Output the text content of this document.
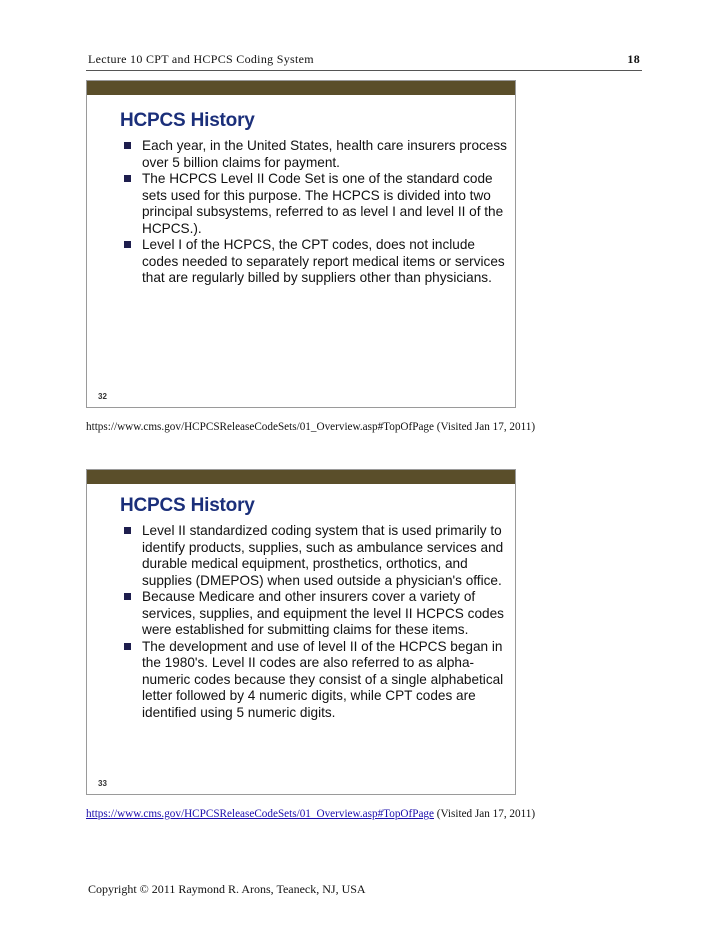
Lecture 10 CPT and HCPCS Coding System	18
HCPCS History
Each year, in the United States, health care insurers process over 5 billion claims for payment.
The HCPCS Level II Code Set is one of the standard code sets used for this purpose. The HCPCS is divided into two principal subsystems, referred to as level I and level II of the HCPCS.).
Level I of the HCPCS, the CPT codes, does not include codes needed to separately report medical items or services that are regularly billed by suppliers other than physicians.
32
https://www.cms.gov/HCPCSReleaseCodeSets/01_Overview.asp#TopOfPage (Visited Jan 17, 2011)
HCPCS History
Level II standardized coding system that is used primarily to identify products, supplies, such as ambulance services and durable medical equipment, prosthetics, orthotics, and supplies (DMEPOS) when used outside a physician's office.
Because Medicare and other insurers cover a variety of services, supplies, and equipment the level II HCPCS codes were established for submitting claims for these items.
The development and use of level II of the HCPCS began in the 1980's. Level II codes are also referred to as alpha-numeric codes because they consist of a single alphabetical letter followed by 4 numeric digits, while CPT codes are identified using 5 numeric digits.
33
https://www.cms.gov/HCPCSReleaseCodeSets/01_Overview.asp#TopOfPage (Visited Jan 17, 2011)
Copyright © 2011 Raymond R. Arons, Teaneck, NJ, USA
